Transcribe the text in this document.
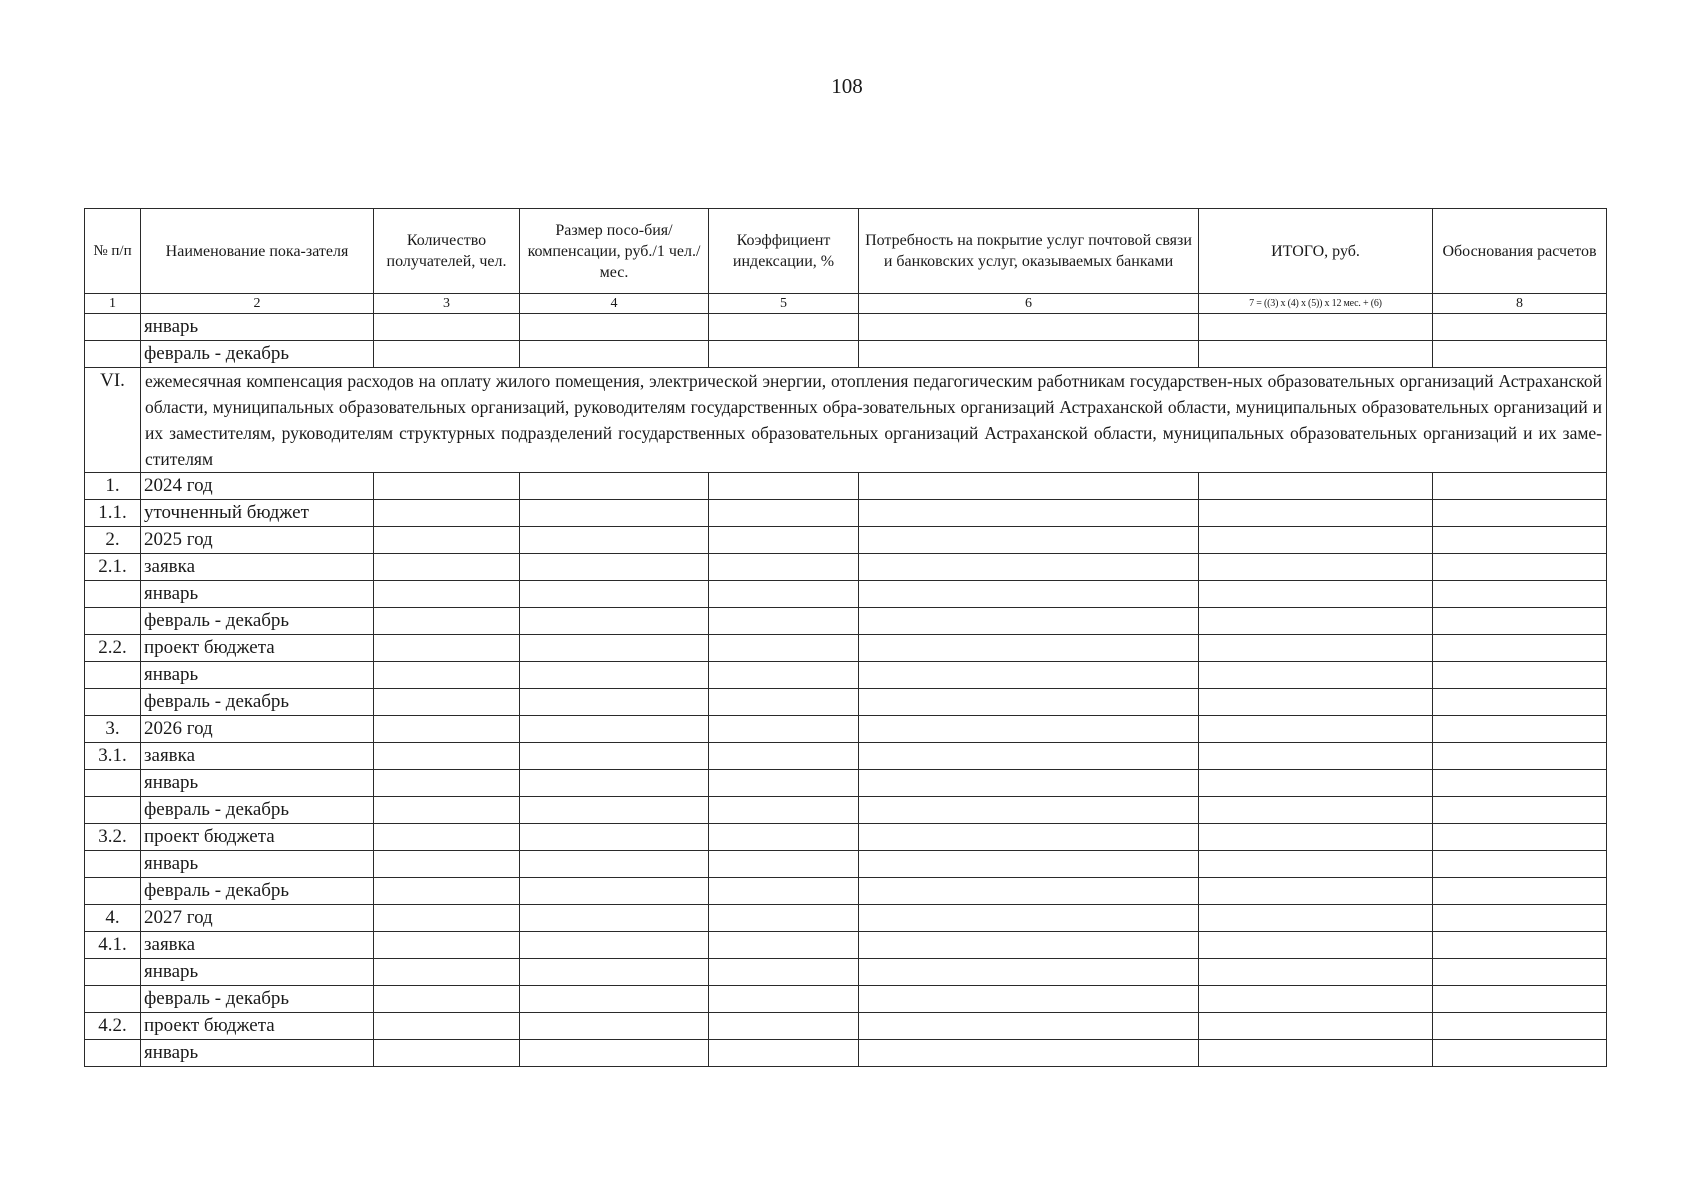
108
№ п/п	Наименование пока-зателя	Количество получателей, чел.	Размер посо-бия/компенсации, руб./1 чел./мес.	Коэффициент индексации, %	Потребность на покрытие услуг почтовой связи и банковских услуг, оказываемых банками	ИТОГО, руб.	Обоснования расчетов
1	2	3	4	5	6	7 = ((3) x (4) x (5)) x 12 мес. + (6)	8
	январь						
	февраль - декабрь						
VI.	ежемесячная компенсация расходов на оплату жилого помещения, электрической энергии, отопления педагогическим работникам государствен-ных образовательных организаций Астраханской области, муниципальных образовательных организаций, руководителям государственных обра-зовательных организаций Астраханской области, муниципальных образовательных организаций и их заместителям, руководителям структурных подразделений государственных образовательных организаций Астраханской области, муниципальных образовательных организаций и их заме-стителям						

1.	2024 год						
1.1.	уточненный бюджет						
2.	2025 год						
2.1.	заявка						
	январь						
	февраль - декабрь						
2.2.	проект бюджета						
	январь						
	февраль - декабрь						
3.	2026 год						
3.1.	заявка						
	январь						
	февраль - декабрь						
3.2.	проект бюджета						
	январь						
	февраль - декабрь						
4.	2027 год						
4.1.	заявка						
	январь						
	февраль - декабрь						
4.2.	проект бюджета						
	январь						
